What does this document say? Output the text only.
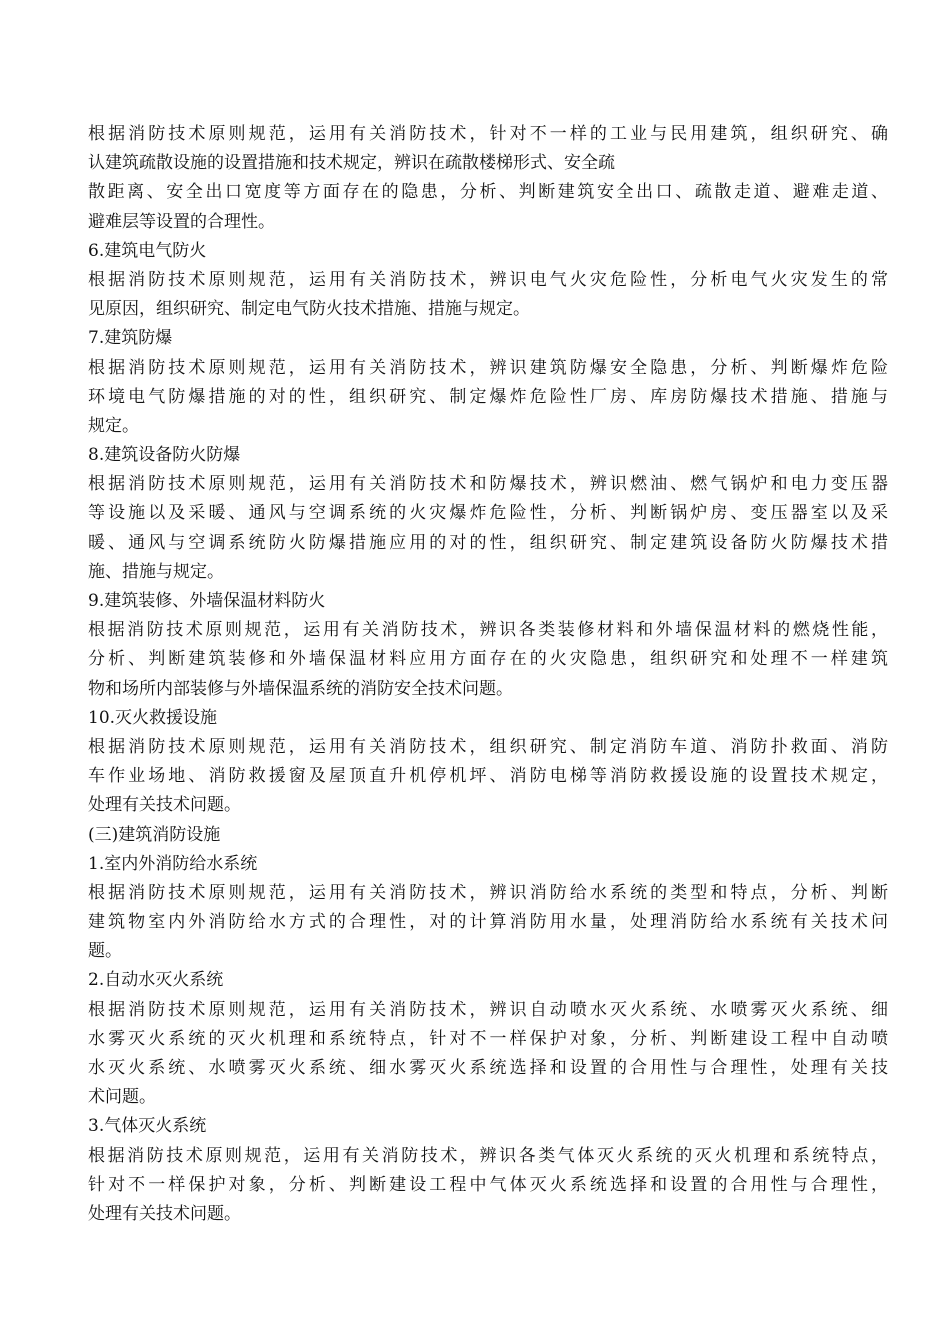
根据消防技术原则规范，运用有关消防技术，针对不一样的工业与民用建筑，组织研究、确
认建筑疏散设施的设置措施和技术规定，辨识在疏散楼梯形式、安全疏
散距离、安全出口宽度等方面存在的隐患，分析、判断建筑安全出口、疏散走道、避难走道、
避难层等设置的合理性。
6.建筑电气防火
根据消防技术原则规范，运用有关消防技术，辨识电气火灾危险性，分析电气火灾发生的常
见原因，组织研究、制定电气防火技术措施、措施与规定。
7.建筑防爆
根据消防技术原则规范，运用有关消防技术，辨识建筑防爆安全隐患，分析、判断爆炸危险
环境电气防爆措施的对的性，组织研究、制定爆炸危险性厂房、库房防爆技术措施、措施与
规定。
8.建筑设备防火防爆
根据消防技术原则规范，运用有关消防技术和防爆技术，辨识燃油、燃气锅炉和电力变压器
等设施以及采暖、通风与空调系统的火灾爆炸危险性，分析、判断锅炉房、变压器室以及采
暖、通风与空调系统防火防爆措施应用的对的性，组织研究、制定建筑设备防火防爆技术措
施、措施与规定。
9.建筑装修、外墙保温材料防火
根据消防技术原则规范，运用有关消防技术，辨识各类装修材料和外墙保温材料的燃烧性能，
分析、判断建筑装修和外墙保温材料应用方面存在的火灾隐患，组织研究和处理不一样建筑
物和场所内部装修与外墙保温系统的消防安全技术问题。
10.灭火救援设施
根据消防技术原则规范，运用有关消防技术，组织研究、制定消防车道、消防扑救面、消防
车作业场地、消防救援窗及屋顶直升机停机坪、消防电梯等消防救援设施的设置技术规定，
处理有关技术问题。
(三)建筑消防设施
1.室内外消防给水系统
根据消防技术原则规范，运用有关消防技术，辨识消防给水系统的类型和特点，分析、判断
建筑物室内外消防给水方式的合理性，对的计算消防用水量，处理消防给水系统有关技术问
题。
2.自动水灭火系统
根据消防技术原则规范，运用有关消防技术，辨识自动喷水灭火系统、水喷雾灭火系统、细
水雾灭火系统的灭火机理和系统特点，针对不一样保护对象，分析、判断建设工程中自动喷
水灭火系统、水喷雾灭火系统、细水雾灭火系统选择和设置的合用性与合理性，处理有关技
术问题。
3.气体灭火系统
根据消防技术原则规范，运用有关消防技术，辨识各类气体灭火系统的灭火机理和系统特点，
针对不一样保护对象，分析、判断建设工程中气体灭火系统选择和设置的合用性与合理性，
处理有关技术问题。
